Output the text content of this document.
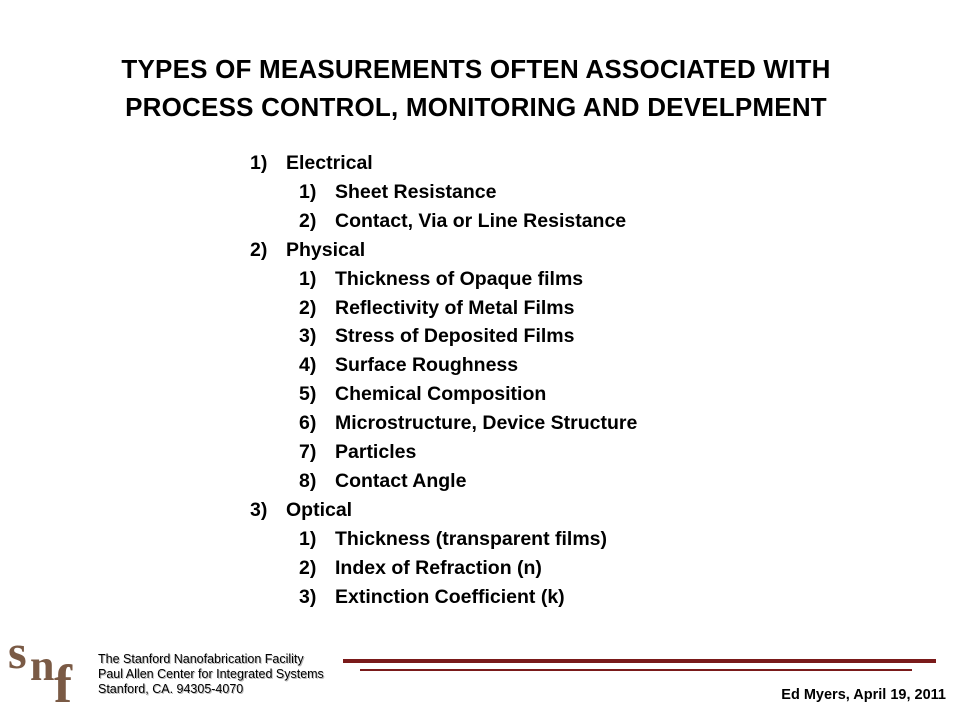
TYPES OF MEASUREMENTS OFTEN ASSOCIATED WITH
PROCESS CONTROL, MONITORING AND DEVELPMENT
1) Electrical
1) Sheet Resistance
2) Contact, Via or Line Resistance
2) Physical
1) Thickness of Opaque films
2) Reflectivity of Metal Films
3) Stress of Deposited Films
4) Surface Roughness
5) Chemical Composition
6) Microstructure, Device Structure
7) Particles
8) Contact Angle
3) Optical
1) Thickness (transparent films)
2) Index of Refraction (n)
3) Extinction Coefficient (k)
s n f The Stanford Nanofabrication Facility
Paul Allen Center for Integrated Systems
Stanford, CA. 94305-4070	Ed Myers, April 19, 2011
